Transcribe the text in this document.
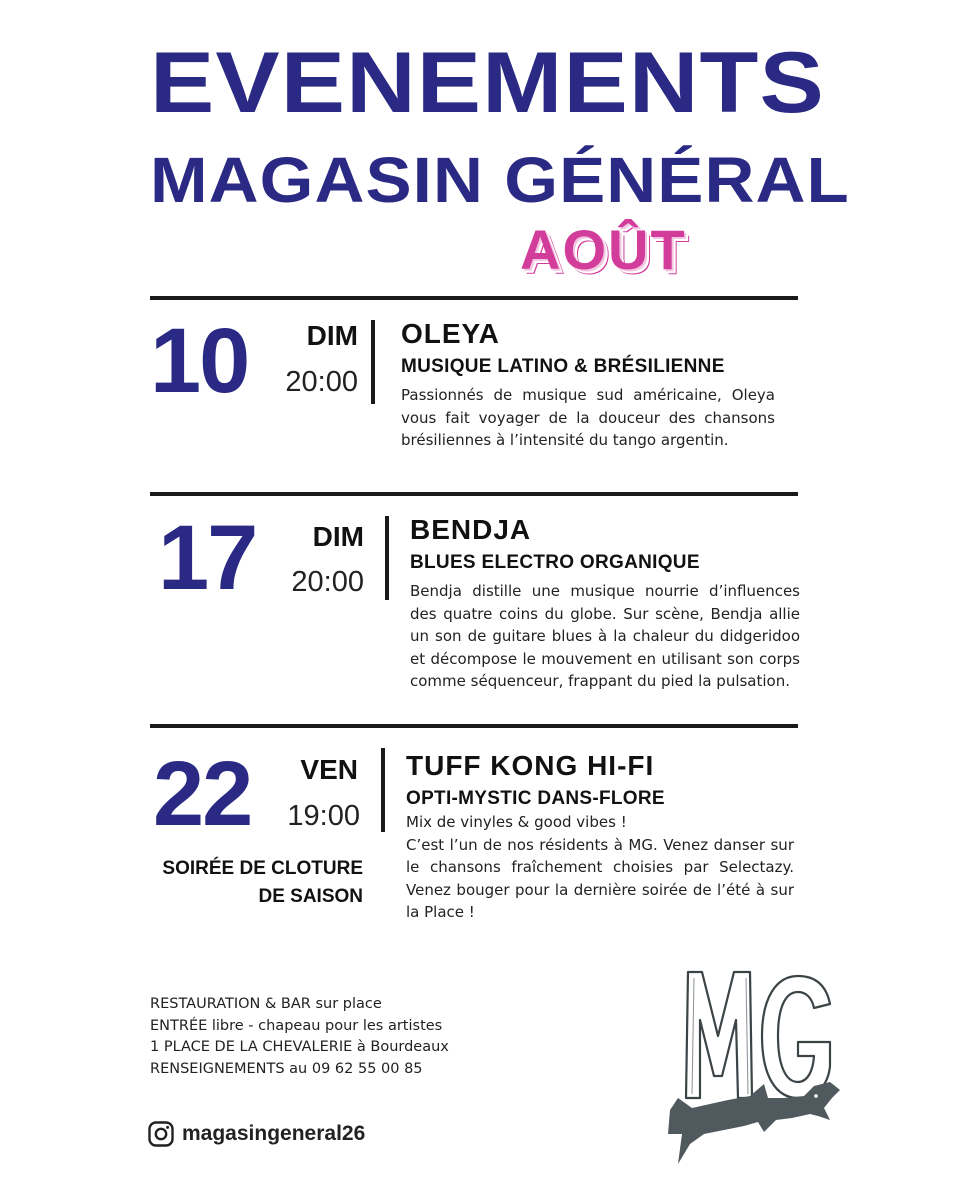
EVENEMENTS
MAGASIN GÉNÉRAL
AOÛT
10	DIM
20:00
OLEYA
MUSIQUE LATINO & BRÉSILIENNE

Passionnés de musique sud américaine, Oleya vous fait voyager de la douceur des chansons brésiliennes à l’intensité du tango argentin.

17	DIM
20:00
BENDJA
BLUES ELECTRO ORGANIQUE

Bendja distille une musique nourrie d’influences des quatre coins du globe. Sur scène, Bendja allie un son de guitare blues à la chaleur du didgeridoo et décompose le mouvement en utilisant son corps comme séquenceur, frappant du pied la pulsation.

22	VEN
19:00
TUFF KONG HI-FI
OPTI-MYSTIC DANS-FLORE

Mix de vinyles & good vibes !

C’est l’un de nos résidents à MG. Venez danser sur le chansons fraîchement choisies par Selectazy. Venez bouger pour la dernière soirée de l’été à sur la Place !

SOIRÉE DE CLOTURE
DE SAISON
RESTAURATION & BAR sur place
ENTRÉE libre - chapeau pour les artistes
1 PLACE DE LA CHEVALERIE à Bourdeaux
RENSEIGNEMENTS au 09 62 55 00 85
magasingeneral26
